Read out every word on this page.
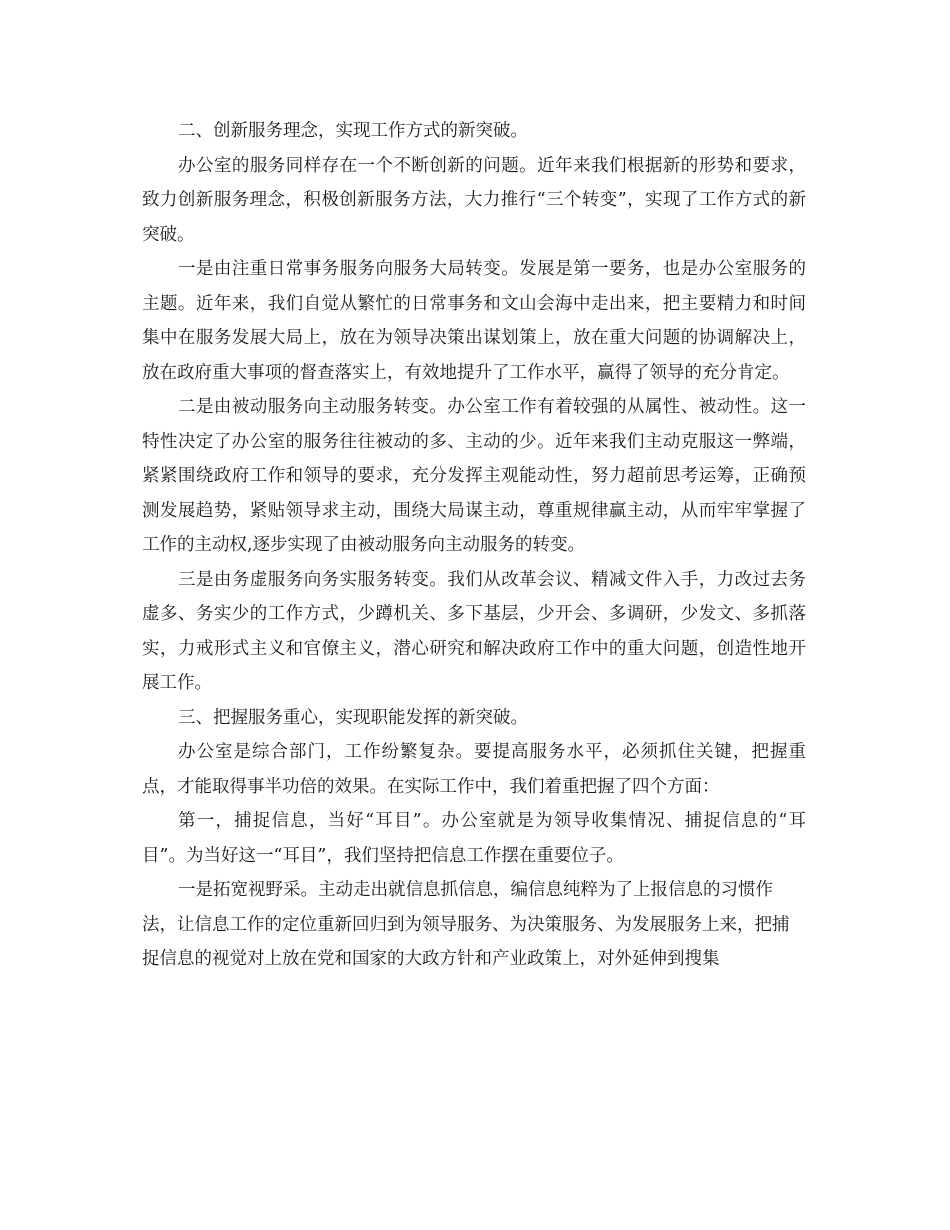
二、创新服务理念，实现工作方式的新突破。

办公室的服务同样存在一个不断创新的问题。近年来我们根据新的形势和要求，致力创新服务理念，积极创新服务方法，大力推行“三个转变”，实现了工作方式的新突破。

一是由注重日常事务服务向服务大局转变。发展是第一要务，也是办公室服务的主题。近年来，我们自觉从繁忙的日常事务和文山会海中走出来，把主要精力和时间集中在服务发展大局上，放在为领导决策出谋划策上，放在重大问题的协调解决上，放在政府重大事项的督查落实上，有效地提升了工作水平，赢得了领导的充分肯定。

二是由被动服务向主动服务转变。办公室工作有着较强的从属性、被动性。这一特性决定了办公室的服务往往被动的多、主动的少。近年来我们主动克服这一弊端，紧紧围绕政府工作和领导的要求，充分发挥主观能动性，努力超前思考运筹，正确预测发展趋势，紧贴领导求主动，围绕大局谋主动，尊重规律赢主动，从而牢牢掌握了工作的主动权,逐步实现了由被动服务向主动服务的转变。

三是由务虚服务向务实服务转变。我们从改革会议、精减文件入手，力改过去务虚多、务实少的工作方式，少蹲机关、多下基层，少开会、多调研，少发文、多抓落实，力戒形式主义和官僚主义，潜心研究和解决政府工作中的重大问题，创造性地开展工作。

三、把握服务重心，实现职能发挥的新突破。

办公室是综合部门，工作纷繁复杂。要提高服务水平，必须抓住关键，把握重点，才能取得事半功倍的效果。在实际工作中，我们着重把握了四个方面：

第一，捕捉信息，当好“耳目”。办公室就是为领导收集情况、捕捉信息的“耳目”。为当好这一“耳目”，我们坚持把信息工作摆在重要位子。

一是拓宽视野采。主动走出就信息抓信息，编信息纯粹为了上报信息的习惯作法，让信息工作的定位重新回归到为领导服务、为决策服务、为发展服务上来，把捕捉信息的视觉对上放在党和国家的大政方针和产业政策上，对外延伸到搜集
